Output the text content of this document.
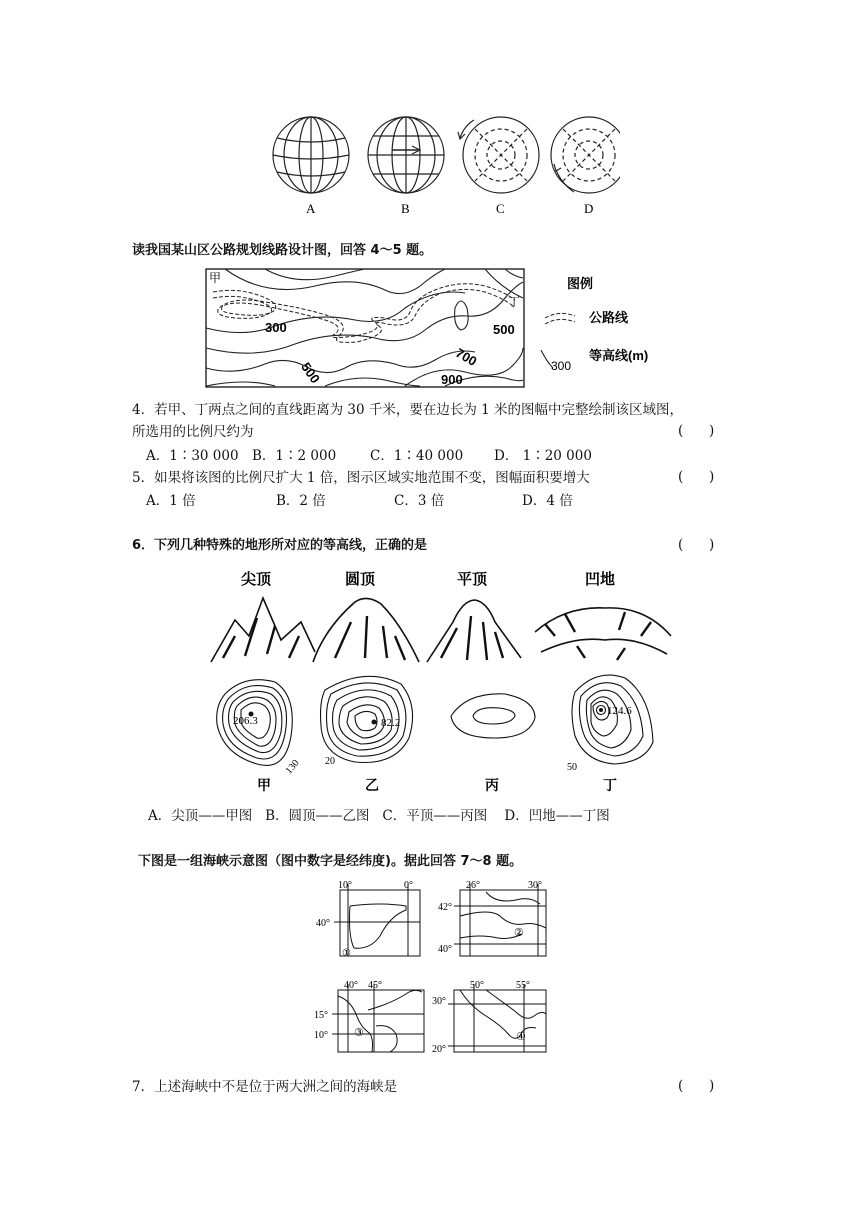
A	B	C	D
读我国某山区公路规划线路设计图，回答 4～5 题。
甲
丁
300
500
500
700
900
图例
公路线
300
等高线(m)
4．若甲、丁两点之间的直线距离为 30 千米，要在边长为 1 米的图幅中完整绘制该区域图，
所选用的比例尺约为	(      )
A．1∶30 000 B．1∶2 000	C．1∶40 000 D． 1∶20 000
5．如果将该图的比例尺扩大 1 倍，图示区域实地范围不变，图幅面积要增大	(      )
A．1 倍	B．2 倍	C．3 倍	D．4 倍
6．下列几种特殊的地形所对应的等高线，正确的是	(      )
尖顶	圆顶	平顶	凹地
206.3
130
82.2
20
124.6
50
甲	乙	丙	丁
A．尖顶——甲图   B．圆顶——乙图   C．平顶——丙图    D．凹地——丁图
下图是一组海峡示意图（图中数字是经纬度)。据此回答 7～8 题。
10°	0°
40°
①
26°	30°
42°
40°
②
40° 45°
15°
10° ③
50°	55°
30°
20°
④
7．上述海峡中不是位于两大洲之间的海峡是	(      )
